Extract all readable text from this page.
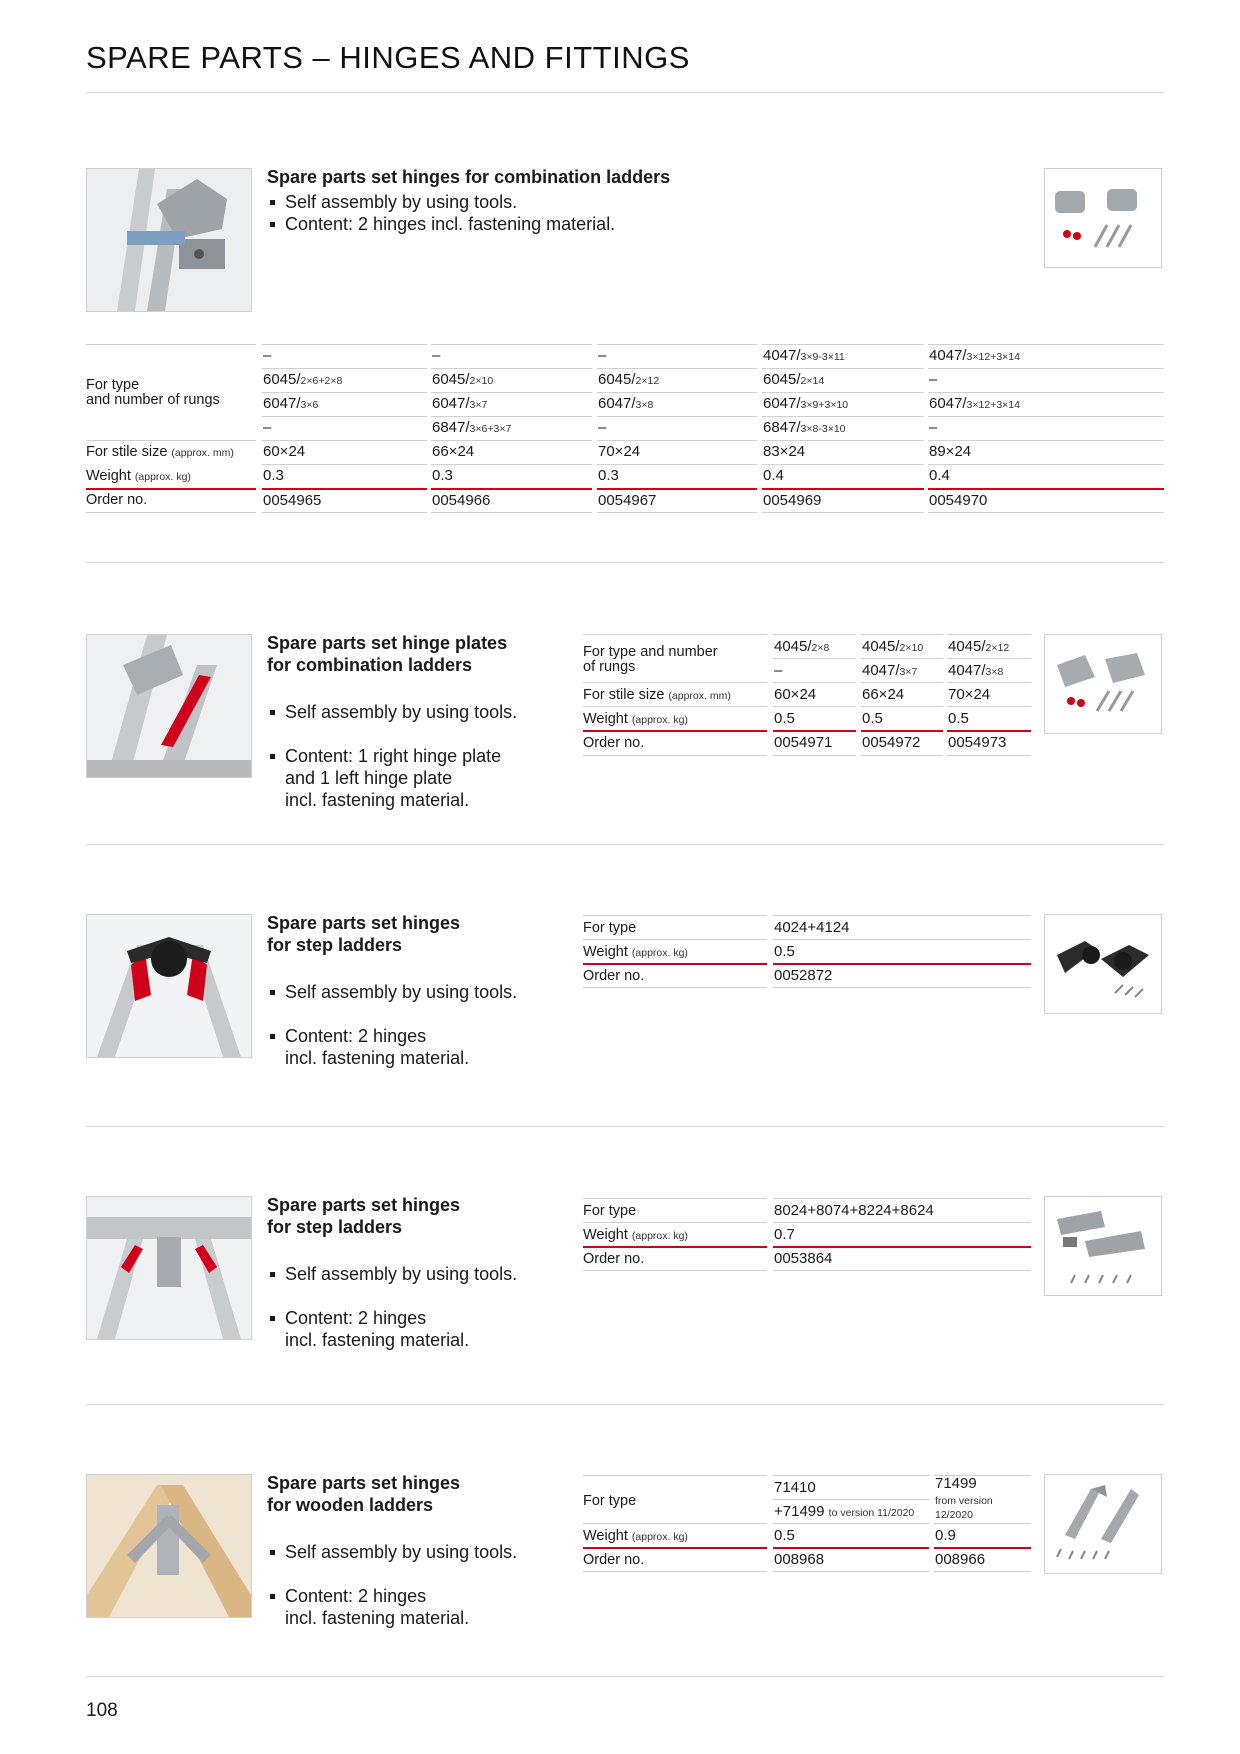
SPARE PARTS – HINGES AND FITTINGS

Spare parts set hinges for combination ladders

Self assembly by using tools.
Content: 2 hinges incl. fastening material.
For type
and number of rungs
For stile size (approx. mm)
Weight (approx. kg)
Order no.
–
6045/2×6+2×8
6047/3×6
–
60×24
0.3
0054965
–
6045/2×10
6047/3×7
6847/3×6+3×7
66×24
0.3
0054966
–
6045/2×12
6047/3×8
–
70×24
0.3
0054967
4047/3×9-3×11
6045/2×14
6047/3×9+3×10
6847/3×8-3×10
83×24
0.4
0054969
4047/3×12+3×14
–
6047/3×12+3×14
–
89×24
0.4
0054970

Spare parts set hinge plates
for combination ladders

Self assembly by using tools.

Content: 1 right hinge plate
and 1 left hinge plate
incl. fastening material.

For type and number
of rungs
For stile size (approx. mm)
Weight (approx. kg)
Order no.
4045/2×8
–
60×24
0.5
0054971
4045/2×10
4047/3×7
66×24
0.5
0054972
4045/2×12
4047/3×8
70×24
0.5
0054973

Spare parts set hinges
for step ladders

Self assembly by using tools.

Content: 2 hinges
incl. fastening material.

For type
Weight (approx. kg)
Order no.
4024+4124
0.5
0052872

Spare parts set hinges
for step ladders

Self assembly by using tools.

Content: 2 hinges
incl. fastening material.

For type
Weight (approx. kg)
Order no.
8024+8074+8224+8624
0.7
0053864

Spare parts set hinges
for wooden ladders

Self assembly by using tools.

Content: 2 hinges
incl. fastening material.

For type
Weight (approx. kg)
Order no.
71410
+71499 to version 11/2020
0.5
008968
71499
from version
12/2020
0.9
008966
108
